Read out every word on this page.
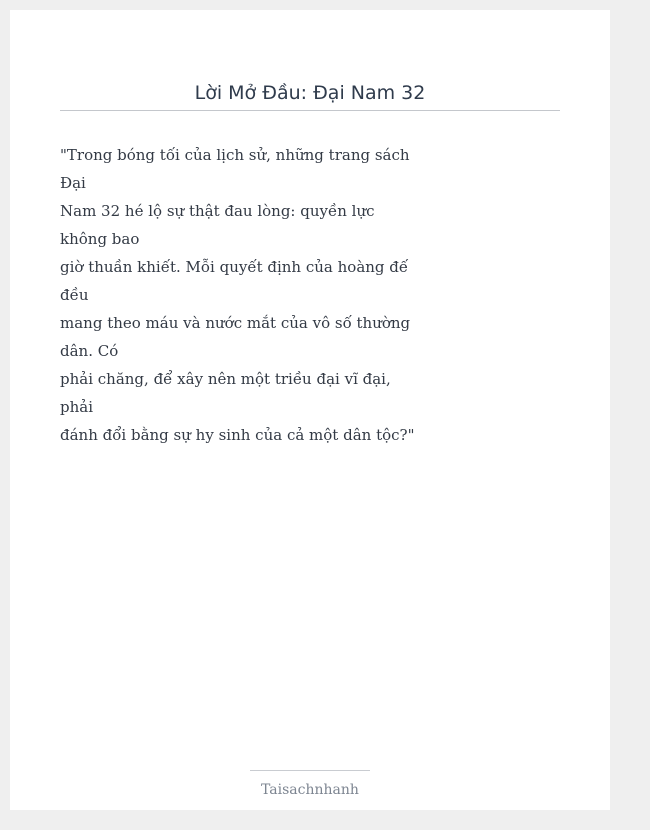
Lời Mở Đầu: Đại Nam 32

"Trong bóng tối của lịch sử, những trang sách
Đại
Nam 32 hé lộ sự thật đau lòng: quyền lực
không bao
giờ thuần khiết. Mỗi quyết định của hoàng đế
đều
mang theo máu và nước mắt của vô số thường
dân. Có
phải chăng, để xây nên một triều đại vĩ đại,
phải
đánh đổi bằng sự hy sinh của cả một dân tộc?"

Taisachnhanh
